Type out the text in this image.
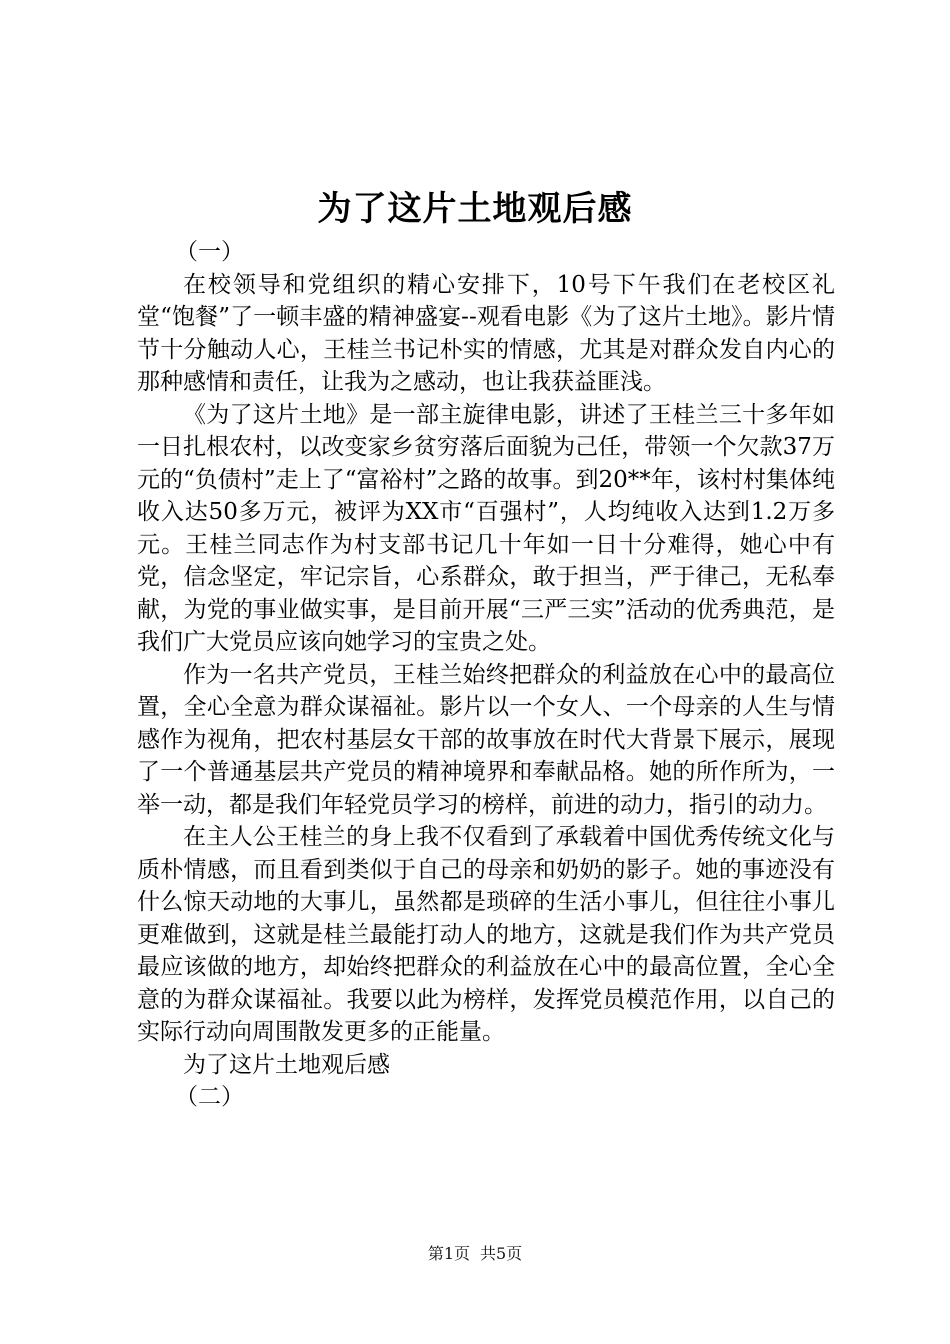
为了这片土地观后感

（一）

在校领导和党组织的精心安排下，10号下午我们在老校区礼堂“饱餐”了一顿丰盛的精神盛宴--观看电影《为了这片土地》。影片情节十分触动人心，王桂兰书记朴实的情感，尤其是对群众发自内心的那种感情和责任，让我为之感动，也让我获益匪浅。

《为了这片土地》是一部主旋律电影，讲述了王桂兰三十多年如一日扎根农村，以改变家乡贫穷落后面貌为己任，带领一个欠款37万元的“负债村”走上了“富裕村”之路的故事。到20**年，该村村集体纯收入达50多万元，被评为XX市“百强村”，人均纯收入达到1.2万多元。王桂兰同志作为村支部书记几十年如一日十分难得，她心中有党，信念坚定，牢记宗旨，心系群众，敢于担当，严于律己，无私奉献，为党的事业做实事，是目前开展“三严三实”活动的优秀典范，是我们广大党员应该向她学习的宝贵之处。

作为一名共产党员，王桂兰始终把群众的利益放在心中的最高位置，全心全意为群众谋福祉。影片以一个女人、一个母亲的人生与情感作为视角，把农村基层女干部的故事放在时代大背景下展示，展现了一个普通基层共产党员的精神境界和奉献品格。她的所作所为，一举一动，都是我们年轻党员学习的榜样，前进的动力，指引的动力。

在主人公王桂兰的身上我不仅看到了承载着中国优秀传统文化与质朴情感，而且看到类似于自己的母亲和奶奶的影子。她的事迹没有什么惊天动地的大事儿，虽然都是琐碎的生活小事儿，但往往小事儿更难做到，这就是桂兰最能打动人的地方，这就是我们作为共产党员最应该做的地方，却始终把群众的利益放在心中的最高位置，全心全意的为群众谋福祉。我要以此为榜样，发挥党员模范作用，以自己的实际行动向周围散发更多的正能量。

为了这片土地观后感

（二）

第1页 共5页
